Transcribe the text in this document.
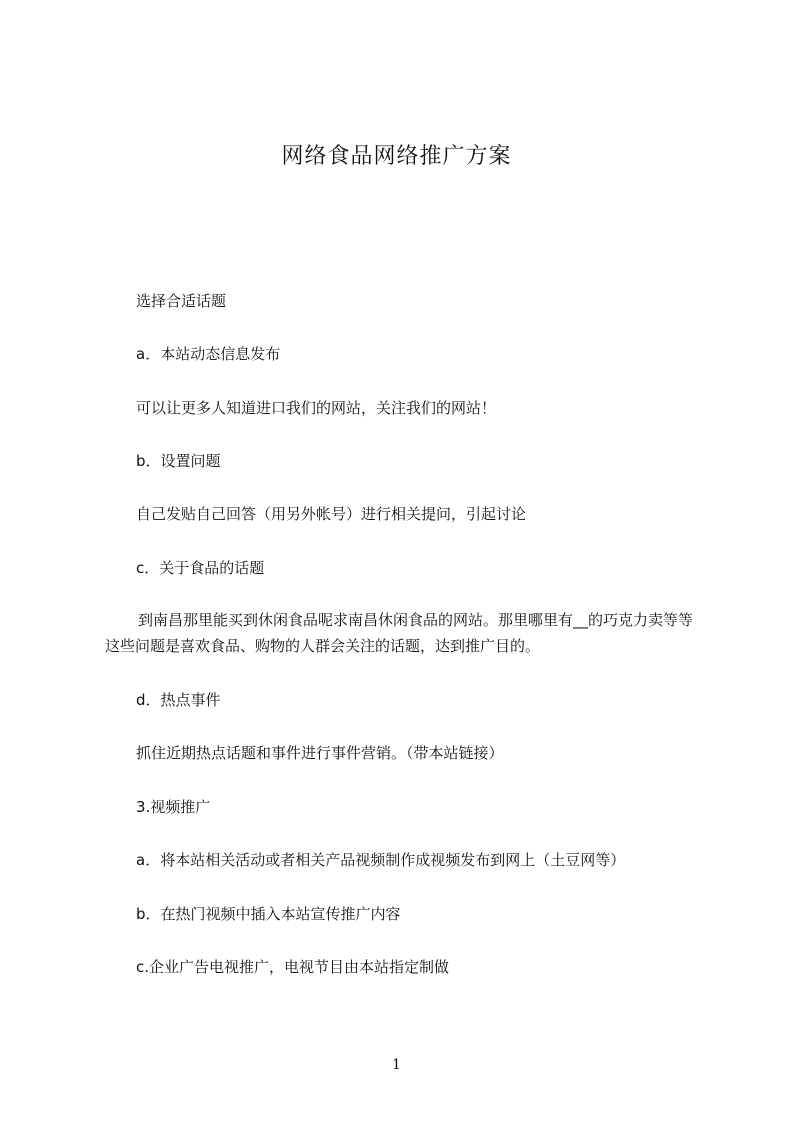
网络食品网络推广方案
选择合适话题
a．本站动态信息发布
可以让更多人知道进口我们的网站，关注我们的网站！
b．设置问题
自己发贴自己回答（用另外帐号）进行相关提问，引起讨论
c．关于食品的话题
到南昌那里能买到休闲食品呢求南昌休闲食品的网站。那里哪里有__的巧克力卖等等这些问题是喜欢食品、购物的人群会关注的话题，达到推广目的。
d．热点事件
抓住近期热点话题和事件进行事件营销。（带本站链接）
3.视频推广
a．将本站相关活动或者相关产品视频制作成视频发布到网上（土豆网等）
b．在热门视频中插入本站宣传推广内容
c.企业广告电视推广，电视节目由本站指定制做
1
